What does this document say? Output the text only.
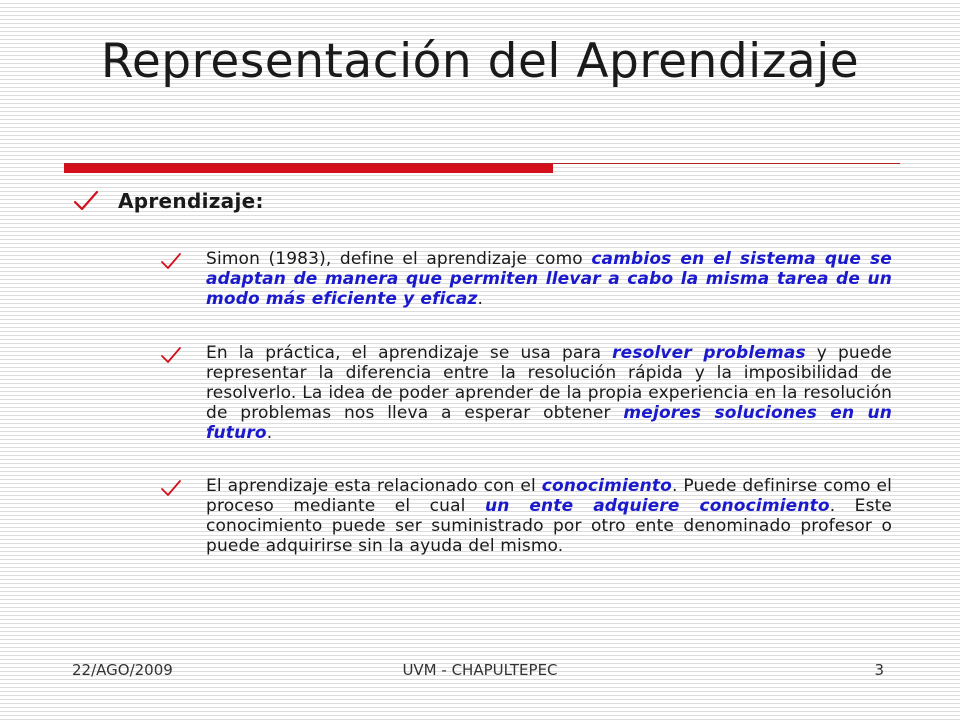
Representación del Aprendizaje
Aprendizaje:
Simon (1983), define el aprendizaje como cambios en el sistema que se adaptan de manera que permiten llevar a cabo la misma tarea de un modo más eficiente y eficaz.
En la práctica, el aprendizaje se usa para resolver problemas y puede representar la diferencia entre la resolución rápida y la imposibilidad de resolverlo. La idea de poder aprender de la propia experiencia en la resolución de problemas nos lleva a esperar obtener mejores soluciones en un futuro.
El aprendizaje esta relacionado con el conocimiento. Puede definirse como el proceso mediante el cual un ente adquiere conocimiento. Este conocimiento puede ser suministrado por otro ente denominado profesor o puede adquirirse sin la ayuda del mismo.
22/AGO/2009	UVM - CHAPULTEPEC	3
